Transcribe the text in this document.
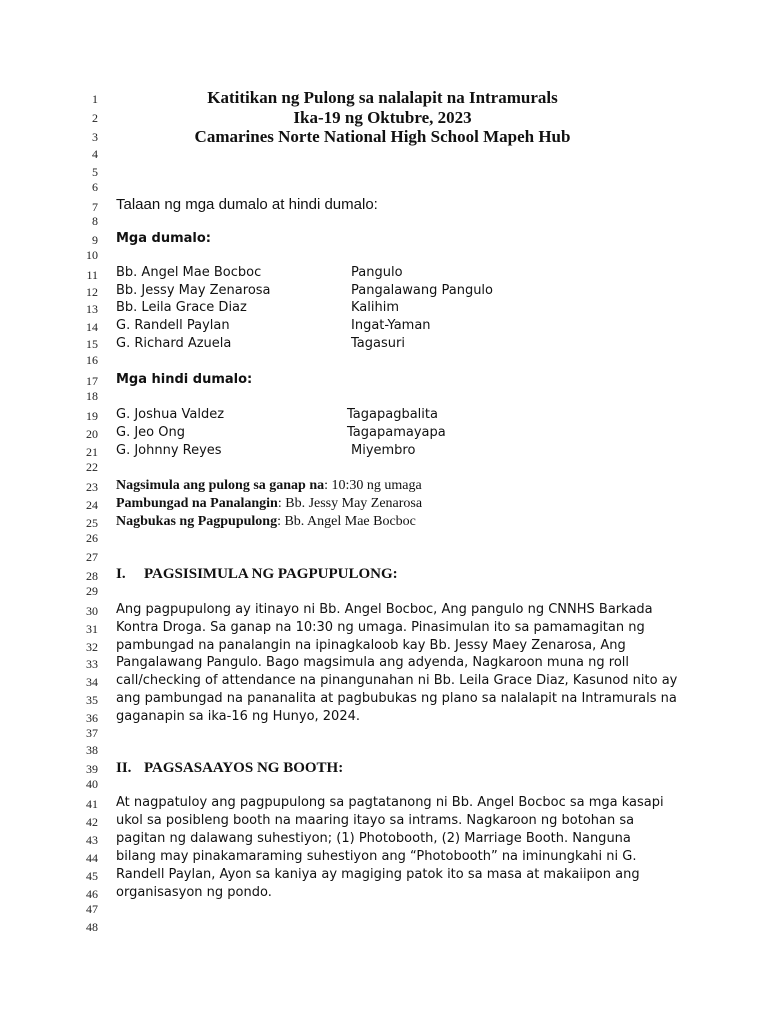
1
2
3
4
5
6
7
8
9
10
11
12
13
14
15
16
17
18
19
20
21
22
23
24
25
26
27
28
29
30
31
32
33
34
35
36
37
38
39
40
41
42
43
44
45
46
47
48
Katitikan ng Pulong sa nalalapit na Intramurals
Ika-19 ng Oktubre, 2023
Camarines Norte National High School Mapeh Hub
Talaan ng mga dumalo at hindi dumalo:
Mga dumalo:
Bb. Angel Mae Bocboc	Pangulo
Bb. Jessy May Zenarosa	Pangalawang Pangulo
Bb. Leila Grace Diaz	Kalihim
G. Randell Paylan	Ingat-Yaman
G. Richard Azuela	Tagasuri
Mga hindi dumalo:
G. Joshua Valdez	Tagapagbalita
G. Jeo Ong	Tagapamayapa
G. Johnny Reyes	Miyembro
Nagsimula ang pulong sa ganap na: 10:30 ng umaga
Pambungad na Panalangin: Bb. Jessy May Zenarosa
Nagbukas ng Pagpupulong: Bb. Angel Mae Bocboc
I. PAGSISIMULA NG PAGPUPULONG:
Ang pagpupulong ay itinayo ni Bb. Angel Bocboc, Ang pangulo ng CNNHS Barkada
Kontra Droga. Sa ganap na 10:30 ng umaga. Pinasimulan ito sa pamamagitan ng
pambungad na panalangin na ipinagkaloob kay Bb. Jessy Maey Zenarosa, Ang
Pangalawang Pangulo. Bago magsimula ang adyenda, Nagkaroon muna ng roll
call/checking of attendance na pinangunahan ni Bb. Leila Grace Diaz, Kasunod nito ay
ang pambungad na pananalita at pagbubukas ng plano sa nalalapit na Intramurals na
gaganapin sa ika-16 ng Hunyo, 2024.
II. PAGSASAAYOS NG BOOTH:
At nagpatuloy ang pagpupulong sa pagtatanong ni Bb. Angel Bocboc sa mga kasapi
ukol sa posibleng booth na maaring itayo sa intrams. Nagkaroon ng botohan sa
pagitan ng dalawang suhestiyon; (1) Photobooth, (2) Marriage Booth. Nanguna
bilang may pinakamaraming suhestiyon ang “Photobooth” na iminungkahi ni G.
Randell Paylan, Ayon sa kaniya ay magiging patok ito sa masa at makaiipon ang
organisasyon ng pondo.
